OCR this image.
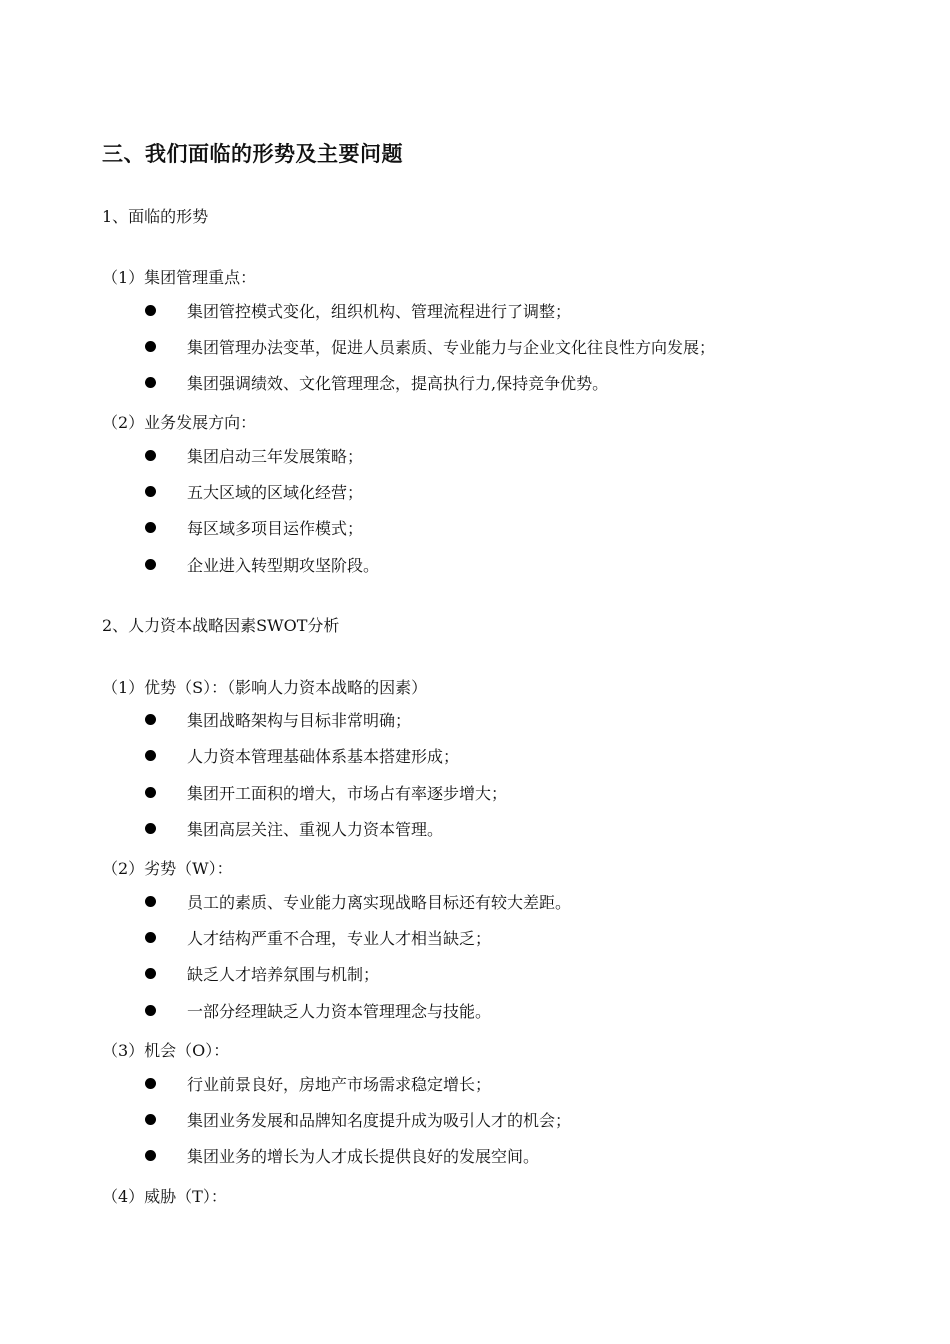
三、我们面临的形势及主要问题
1、面临的形势
（1）集团管理重点：
集团管控模式变化，组织机构、管理流程进行了调整；
集团管理办法变革，促进人员素质、专业能力与企业文化往良性方向发展；
集团强调绩效、文化管理理念，提高执行力,保持竞争优势。
（2）业务发展方向：
集团启动三年发展策略；
五大区域的区域化经营；
每区域多项目运作模式；
企业进入转型期攻坚阶段。
2、人力资本战略因素SWOT分析
（1）优势（S）：（影响人力资本战略的因素）
集团战略架构与目标非常明确；
人力资本管理基础体系基本搭建形成；
集团开工面积的增大，市场占有率逐步增大；
集团高层关注、重视人力资本管理。
（2）劣势（W）：
员工的素质、专业能力离实现战略目标还有较大差距。
人才结构严重不合理，专业人才相当缺乏；
缺乏人才培养氛围与机制；
一部分经理缺乏人力资本管理理念与技能。
（3）机会（O）：
行业前景良好，房地产市场需求稳定增长；
集团业务发展和品牌知名度提升成为吸引人才的机会；
集团业务的增长为人才成长提供良好的发展空间。
（4）威胁（T）：
